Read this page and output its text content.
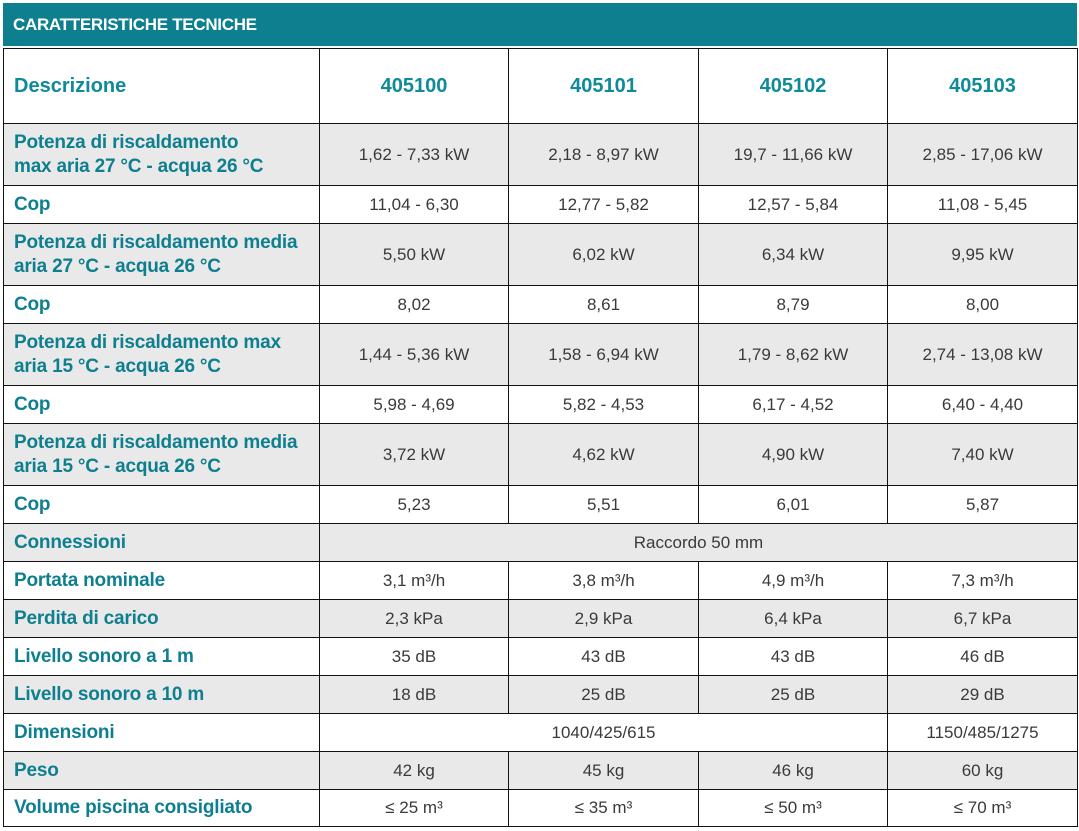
CARATTERISTICHE TECNICHE
Descrizione	405100	405101	405102	405103
Potenza di riscaldamento
max aria 27 °C - acqua 26 °C	1,62 - 7,33 kW	2,18 - 8,97 kW	19,7 - 11,66 kW	2,85 - 17,06 kW
Cop	11,04 - 6,30	12,77 - 5,82	12,57 - 5,84	11,08 - 5,45
Potenza di riscaldamento media
aria 27 °C - acqua 26 °C	5,50 kW	6,02 kW	6,34 kW	9,95 kW
Cop	8,02	8,61	8,79	8,00
Potenza di riscaldamento max
aria 15 °C - acqua 26 °C	1,44 - 5,36 kW	1,58 - 6,94 kW	1,79 - 8,62 kW	2,74 - 13,08 kW
Cop	5,98 - 4,69	5,82 - 4,53	6,17 - 4,52	6,40 - 4,40
Potenza di riscaldamento media
aria 15 °C - acqua 26 °C	3,72 kW	4,62 kW	4,90 kW	7,40 kW
Cop	5,23	5,51	6,01	5,87
Connessioni	Raccordo 50 mm			
Portata nominale	3,1 m³/h	3,8 m³/h	4,9 m³/h	7,3 m³/h
Perdita di carico	2,3 kPa	2,9 kPa	6,4 kPa	6,7 kPa
Livello sonoro a 1 m	35 dB	43 dB	43 dB	46 dB
Livello sonoro a 10 m	18 dB	25 dB	25 dB	29 dB
Dimensioni	1040/425/615			1150/485/1275
Peso	42 kg	45 kg	46 kg	60 kg
Volume piscina consigliato	≤ 25 m³	≤ 35 m³	≤ 50 m³	≤ 70 m³
